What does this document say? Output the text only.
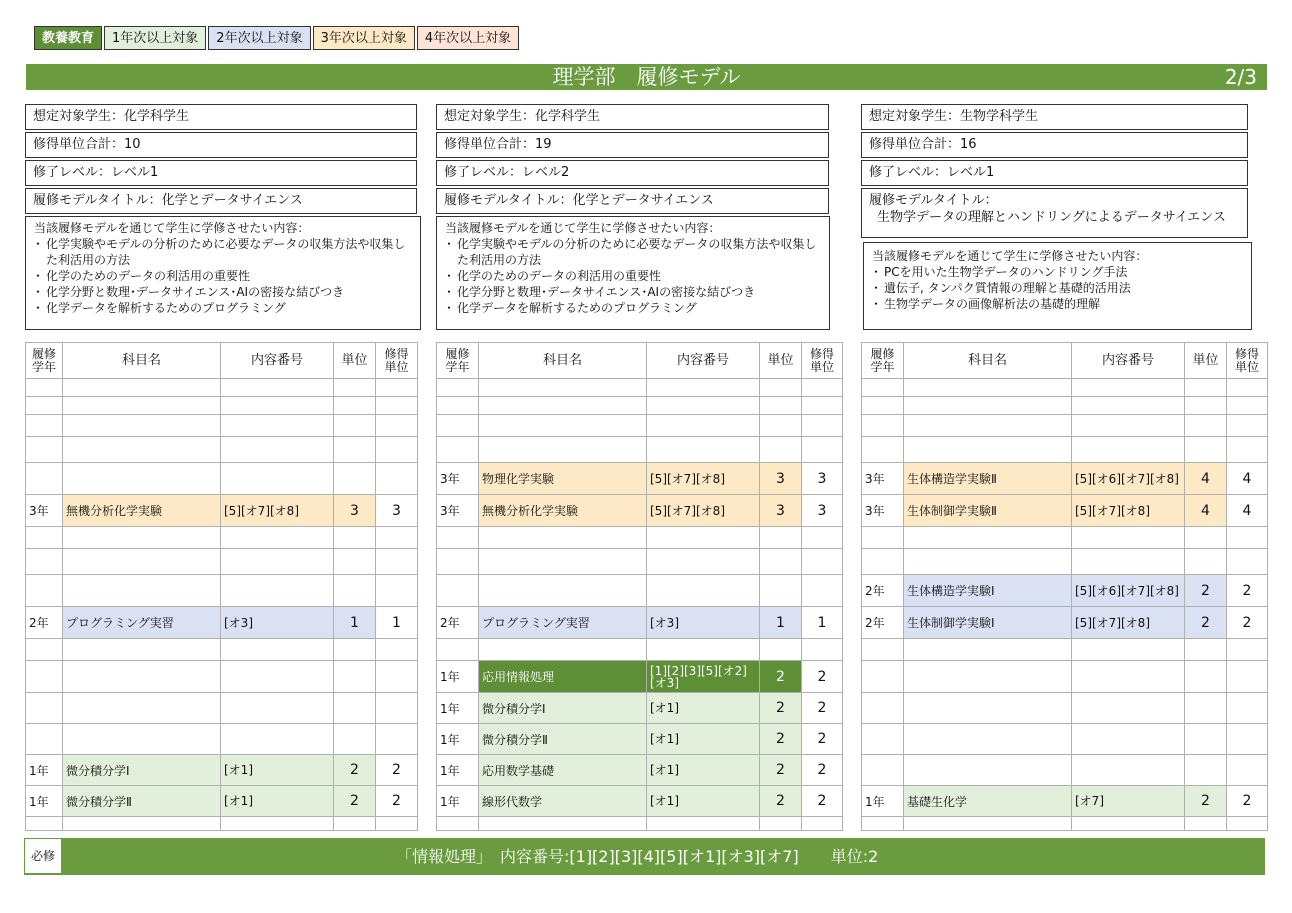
教養教育	1年次以上対象	2年次以上対象	3年次以上対象	4年次以上対象
理学部　履修モデル	2/3
想定対象学生：化学科学生
修得単位合計：10
修了レベル：レベル1
履修モデルタイトル：化学とデータサイエンス
当該履修モデルを通じて学生に学修させたい内容：
・ 化学実験やモデルの分析のために必要なデータの収集方法や収集した利活用の方法
・ 化学のためのデータの利活用の重要性
・ 化学分野と数理･データサイエンス･AIの密接な結びつき
・ 化学データを解析するためのプログラミング
履修学年	科目名	内容番号	単位	修得単位

3年	無機分析化学実験	[5][オ7][オ8]	3	3

2年	プログラミング実習	[オ3]	1	1

1年	微分積分学Ⅰ	[オ1]	2	2
1年	微分積分学Ⅱ	[オ1]	2	2

想定対象学生：化学科学生
修得単位合計：19
修了レベル：レベル2
履修モデルタイトル：化学とデータサイエンス
当該履修モデルを通じて学生に学修させたい内容：
・ 化学実験やモデルの分析のために必要なデータの収集方法や収集した利活用の方法
・ 化学のためのデータの利活用の重要性
・ 化学分野と数理･データサイエンス･AIの密接な結びつき
・ 化学データを解析するためのプログラミング
履修学年	科目名	内容番号	単位	修得単位

3年	物理化学実験	[5][オ7][オ8]	3	3
3年	無機分析化学実験	[5][オ7][オ8]	3	3

2年	プログラミング実習	[オ3]	1	1

1年	応用情報処理	[1][2][3][5][オ2][オ3]	2	2
1年	微分積分学Ⅰ	[オ1]	2	2
1年	微分積分学Ⅱ	[オ1]	2	2
1年	応用数学基礎	[オ1]	2	2
1年	線形代数学	[オ1]	2	2

想定対象学生：生物学科学生
修得単位合計：16
修了レベル：レベル1
履修モデルタイトル：
生物学データの理解とハンドリングによるデータサイエンス
当該履修モデルを通じて学生に学修させたい内容：
・ PCを用いた生物学データのハンドリング手法
・ 遺伝子, タンパク質情報の理解と基礎的活用法
・ 生物学データの画像解析法の基礎的理解
履修学年	科目名	内容番号	単位	修得単位

3年	生体構造学実験Ⅱ	[5][オ6][オ7][オ8]	4	4
3年	生体制御学実験Ⅱ	[5][オ7][オ8]	4	4

2年	生体構造学実験Ⅰ	[5][オ6][オ7][オ8]	2	2
2年	生体制御学実験Ⅰ	[5][オ7][オ8]	2	2

1年	基礎生化学	[オ7]	2	2

必修	「情報処理」　内容番号:[1][2][3][4][5][オ1][オ3][オ7]　　単位:2
